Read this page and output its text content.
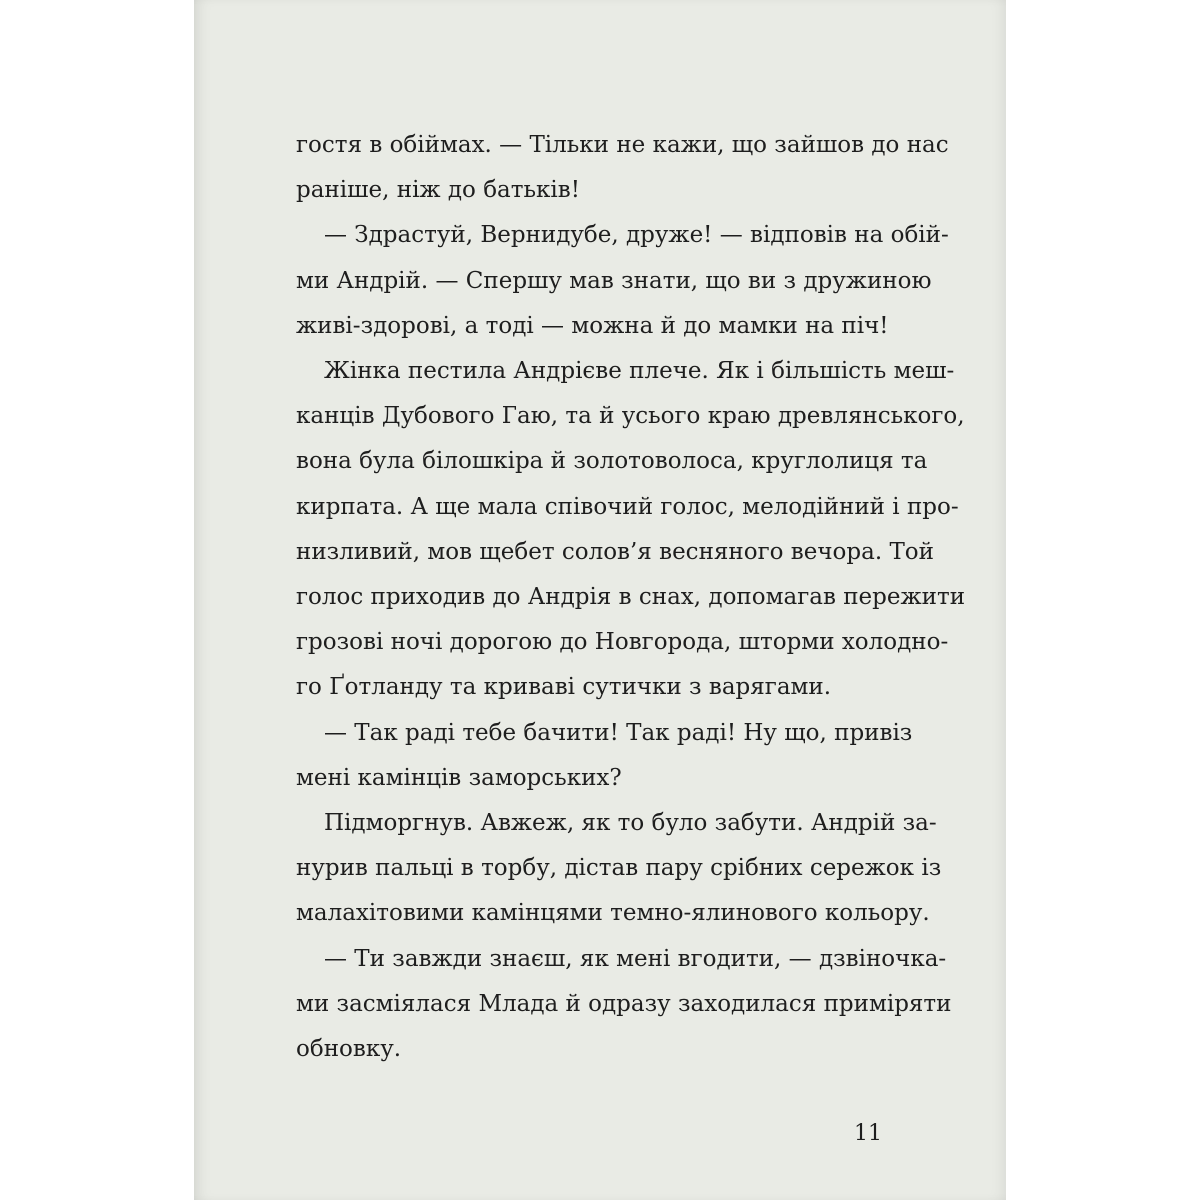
гостя в обіймах. — Тільки не кажи, що зайшов до нас
раніше, ніж до батьків!
— Здрастуй, Вернидубе, друже! — відповів на обій-
ми Андрій. — Спершу мав знати, що ви з дружиною
живі-здорові, а тоді — можна й до мамки на піч!
Жінка пестила Андрієве плече. Як і більшість меш-
канців Дубового Гаю, та й усього краю древлянського,
вона була білошкіра й золотоволоса, круглолиця та
кирпата. А ще мала співочий голос, мелодійний і про-
низливий, мов щебет солов’я весняного вечора. Той
голос приходив до Андрія в снах, допомагав пережити
грозові ночі дорогою до Новгорода, шторми холодно-
го Ґотланду та криваві сутички з варягами.
— Так раді тебе бачити! Так раді! Ну що, привіз
мені камінців заморських?
Підморгнув. Авжеж, як то було забути. Андрій за-
нурив пальці в торбу, дістав пару срібних сережок із
малахітовими камінцями темно-ялинового кольору.
— Ти завжди знаєш, як мені вгодити, — дзвіночка-
ми засміялася Млада й одразу заходилася приміряти
обновку.
11
